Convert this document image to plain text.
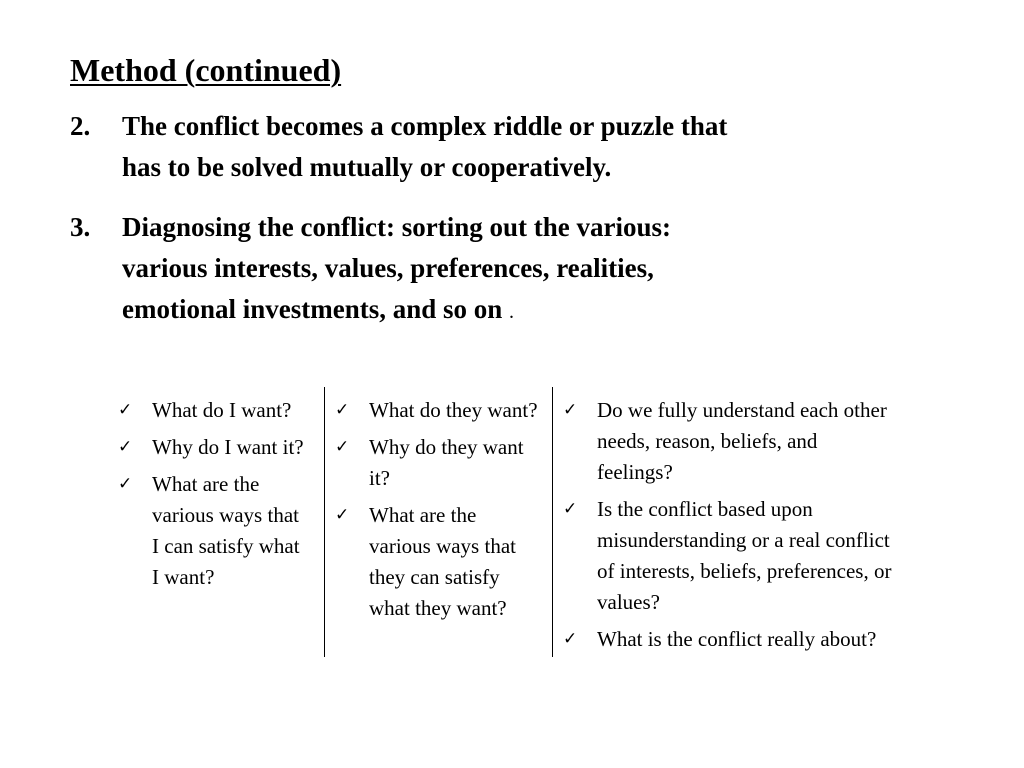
Method (continued)
2.	The conflict becomes a complex riddle or puzzle that
has to be solved mutually or cooperatively.
3.	Diagnosing the conflict: sorting out the various:
various interests, values, preferences, realities,
emotional investments, and so on .
✓ What do I want?
✓ Why do I want it?
✓ What are the
various ways that
I can satisfy what
I want?
✓ What do they want?
✓ Why do they want
it?
✓ What are the
various ways that
they can satisfy
what they want?
✓ Do we fully understand each other
needs, reason, beliefs, and
feelings?
✓ Is the conflict based upon
misunderstanding or a real conflict
of interests, beliefs, preferences, or
values?
✓ What is the conflict really about?
